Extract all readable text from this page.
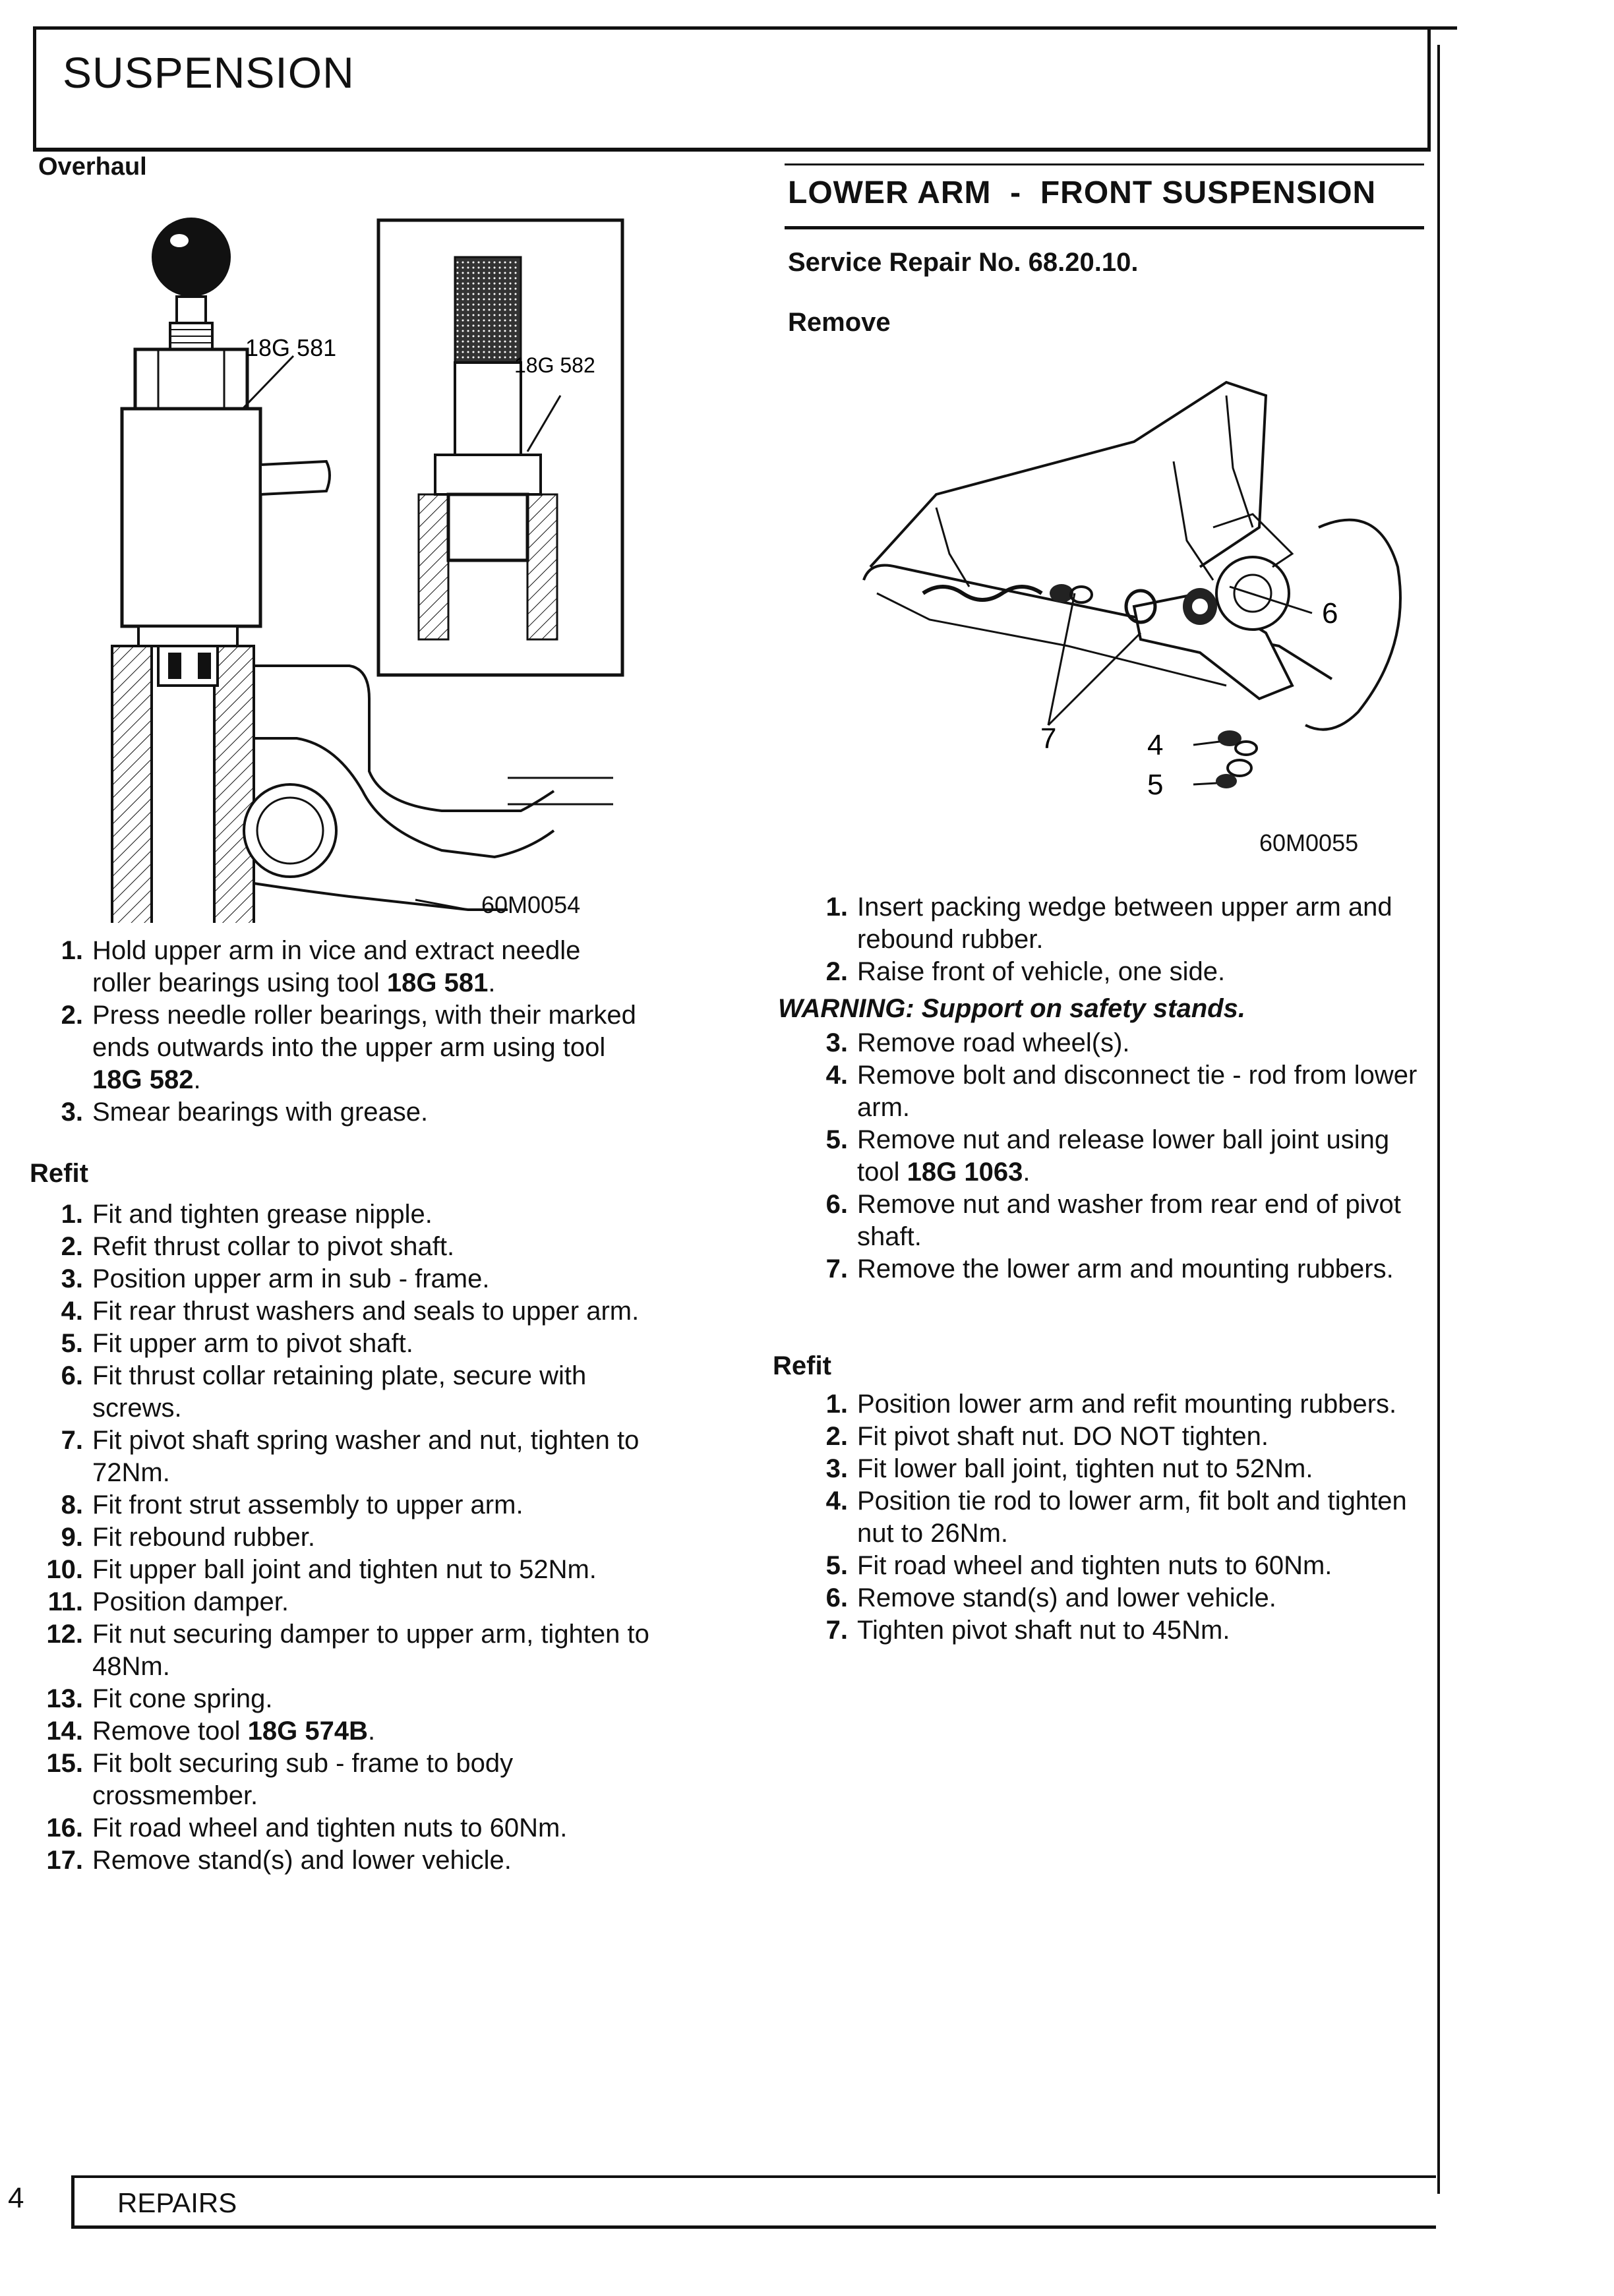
SUSPENSION
Overhaul
18G 581
18G 582
60M0054
1. Hold upper arm in vice and extract needle roller bearings using tool 18G 581.
2. Press needle roller bearings, with their marked ends outwards into the upper arm using tool 18G 582.
3. Smear bearings with grease.
Refit
1. Fit and tighten grease nipple.
2. Refit thrust collar to pivot shaft.
3. Position upper arm in sub - frame.
4. Fit rear thrust washers and seals to upper arm.
5. Fit upper arm to pivot shaft.
6. Fit thrust collar retaining plate, secure with screws.
7. Fit pivot shaft spring washer and nut, tighten to 72Nm.
8. Fit front strut assembly to upper arm.
9. Fit rebound rubber.
10. Fit upper ball joint and tighten nut to 52Nm.
11. Position damper.
12. Fit nut securing damper to upper arm, tighten to 48Nm.
13. Fit cone spring.
14. Remove tool 18G 574B.
15. Fit bolt securing sub - frame to body crossmember.
16. Fit road wheel and tighten nuts to 60Nm.
17. Remove stand(s) and lower vehicle.
LOWER ARM  -  FRONT SUSPENSION
Service Repair No. 68.20.10.
Remove
7
6
4
5
60M0055
1. Insert packing wedge between upper arm and rebound rubber.
2. Raise front of vehicle, one side.
WARNING: Support on safety stands.
3. Remove road wheel(s).
4. Remove bolt and disconnect tie - rod from lower arm.
5. Remove nut and release lower ball joint using tool 18G 1063.
6. Remove nut and washer from rear end of pivot shaft.
7. Remove the lower arm and mounting rubbers.
Refit
1. Position lower arm and refit mounting rubbers.
2. Fit pivot shaft nut. DO NOT tighten.
3. Fit lower ball joint, tighten nut to 52Nm.
4. Position tie rod to lower arm, fit bolt and tighten nut to 26Nm.
5. Fit road wheel and tighten nuts to 60Nm.
6. Remove stand(s) and lower vehicle.
7. Tighten pivot shaft nut to 45Nm.
4	REPAIRS
